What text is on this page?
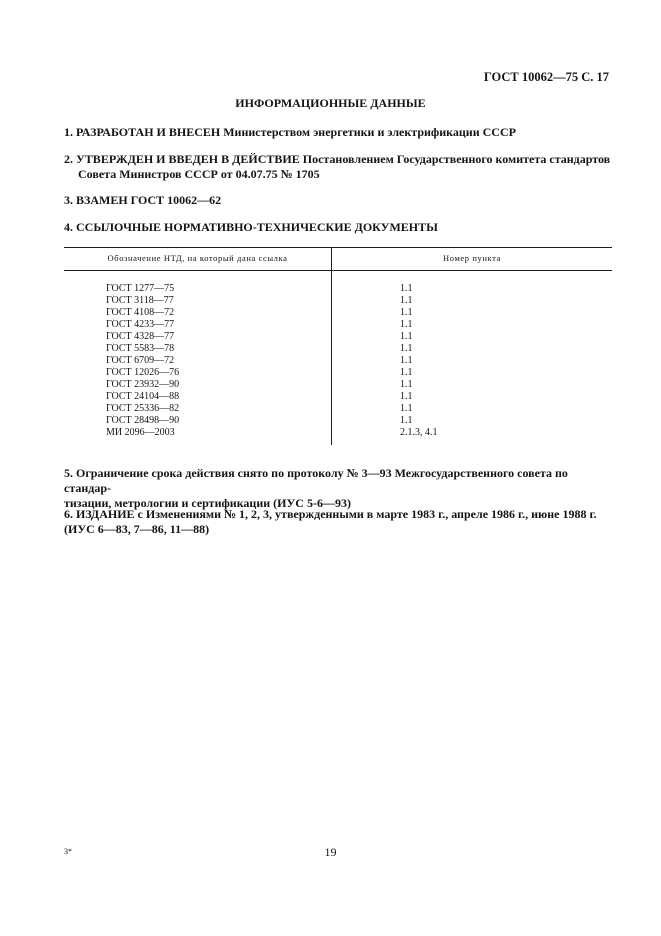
ГОСТ 10062—75 С. 17
ИНФОРМАЦИОННЫЕ ДАННЫЕ
1. РАЗРАБОТАН И ВНЕСЕН Министерством энергетики и электрификации СССР
2. УТВЕРЖДЕН И ВВЕДЕН В ДЕЙСТВИЕ Постановлением Государственного комитета стандартов
Совета Министров СССР от 04.07.75 № 1705
3. ВЗАМЕН ГОСТ 10062—62
4. ССЫЛОЧНЫЕ НОРМАТИВНО-ТЕХНИЧЕСКИЕ ДОКУМЕНТЫ
Обозначение НТД, на который дана ссылка	Номер пункта
ГОСТ 1277—75	1.1
ГОСТ 3118—77	1.1
ГОСТ 4108—72	1.1
ГОСТ 4233—77	1.1
ГОСТ 4328—77	1.1
ГОСТ 5583—78	1.1
ГОСТ 6709—72	1.1
ГОСТ 12026—76	1.1
ГОСТ 23932—90	1.1
ГОСТ 24104—88	1.1
ГОСТ 25336—82	1.1
ГОСТ 28498—90	1.1
МИ 2096—2003	2.1.3, 4.1
5. Ограничение срока действия снято по протоколу № 3—93 Межгосударственного совета по стандар-
тизации, метрологии и сертификации (ИУС 5-6—93)
6. ИЗДАНИЕ с Изменениями № 1, 2, 3, утвержденными в марте 1983 г., апреле 1986 г., июне 1988 г.
(ИУС 6—83, 7—86, 11—88)
3*	19
